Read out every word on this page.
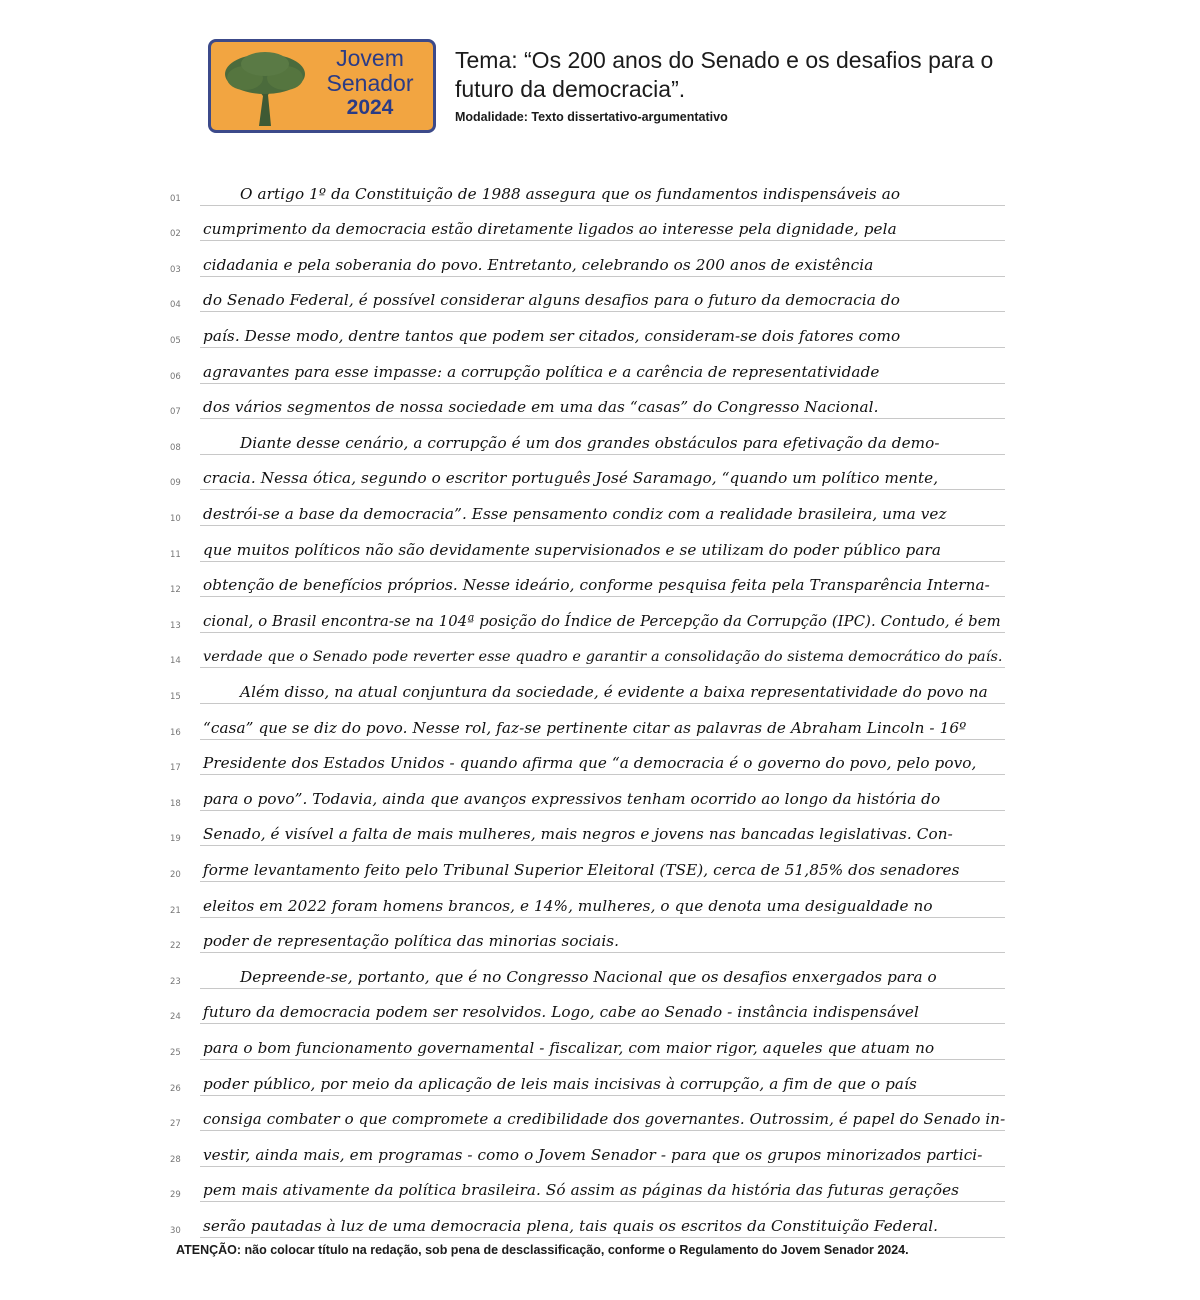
Jovem
Senador
2024
Tema: “Os 200 anos do Senado e os desafios para o futuro da democracia”.
Modalidade: Texto dissertativo-argumentativo
01	O artigo 1º da Constituição de 1988 assegura que os fundamentos indispensáveis ao
02 cumprimento da democracia estão diretamente ligados ao interesse pela dignidade, pela
03 cidadania e pela soberania do povo. Entretanto, celebrando os 200 anos de existência
04 do Senado Federal, é possível considerar alguns desafios para o futuro da democracia do
05 país. Desse modo, dentre tantos que podem ser citados, consideram-se dois fatores como
06 agravantes para esse impasse: a corrupção política e a carência de representatividade
07 dos vários segmentos de nossa sociedade em uma das “casas” do Congresso Nacional.
08	Diante desse cenário, a corrupção é um dos grandes obstáculos para efetivação da demo-
09 cracia. Nessa ótica, segundo o escritor português José Saramago, “quando um político mente,
10 destrói-se a base da democracia”. Esse pensamento condiz com a realidade brasileira, uma vez
11 que muitos políticos não são devidamente supervisionados e se utilizam do poder público para
12 obtenção de benefícios próprios. Nesse ideário, conforme pesquisa feita pela Transparência Interna-
13 cional, o Brasil encontra-se na 104ª posição do Índice de Percepção da Corrupção (IPC). Contudo, é bem
14 verdade que o Senado pode reverter esse quadro e garantir a consolidação do sistema democrático do país.
15	Além disso, na atual conjuntura da sociedade, é evidente a baixa representatividade do povo na
16 “casa” que se diz do povo. Nesse rol, faz-se pertinente citar as palavras de Abraham Lincoln - 16º
17 Presidente dos Estados Unidos - quando afirma que “a democracia é o governo do povo, pelo povo,
18 para o povo”. Todavia, ainda que avanços expressivos tenham ocorrido ao longo da história do
19 Senado, é visível a falta de mais mulheres, mais negros e jovens nas bancadas legislativas. Con-
20 forme levantamento feito pelo Tribunal Superior Eleitoral (TSE), cerca de 51,85% dos senadores
21 eleitos em 2022 foram homens brancos, e 14%, mulheres, o que denota uma desigualdade no
22 poder de representação política das minorias sociais.
23	Depreende-se, portanto, que é no Congresso Nacional que os desafios enxergados para o
24 futuro da democracia podem ser resolvidos. Logo, cabe ao Senado - instância indispensável
25 para o bom funcionamento governamental - fiscalizar, com maior rigor, aqueles que atuam no
26 poder público, por meio da aplicação de leis mais incisivas à corrupção, a fim de que o país
27 consiga combater o que compromete a credibilidade dos governantes. Outrossim, é papel do Senado in-
28 vestir, ainda mais, em programas - como o Jovem Senador - para que os grupos minorizados partici-
29 pem mais ativamente da política brasileira. Só assim as páginas da história das futuras gerações
30 serão pautadas à luz de uma democracia plena, tais quais os escritos da Constituição Federal.
ATENÇÃO: não colocar título na redação, sob pena de desclassificação, conforme o Regulamento do Jovem Senador 2024.
